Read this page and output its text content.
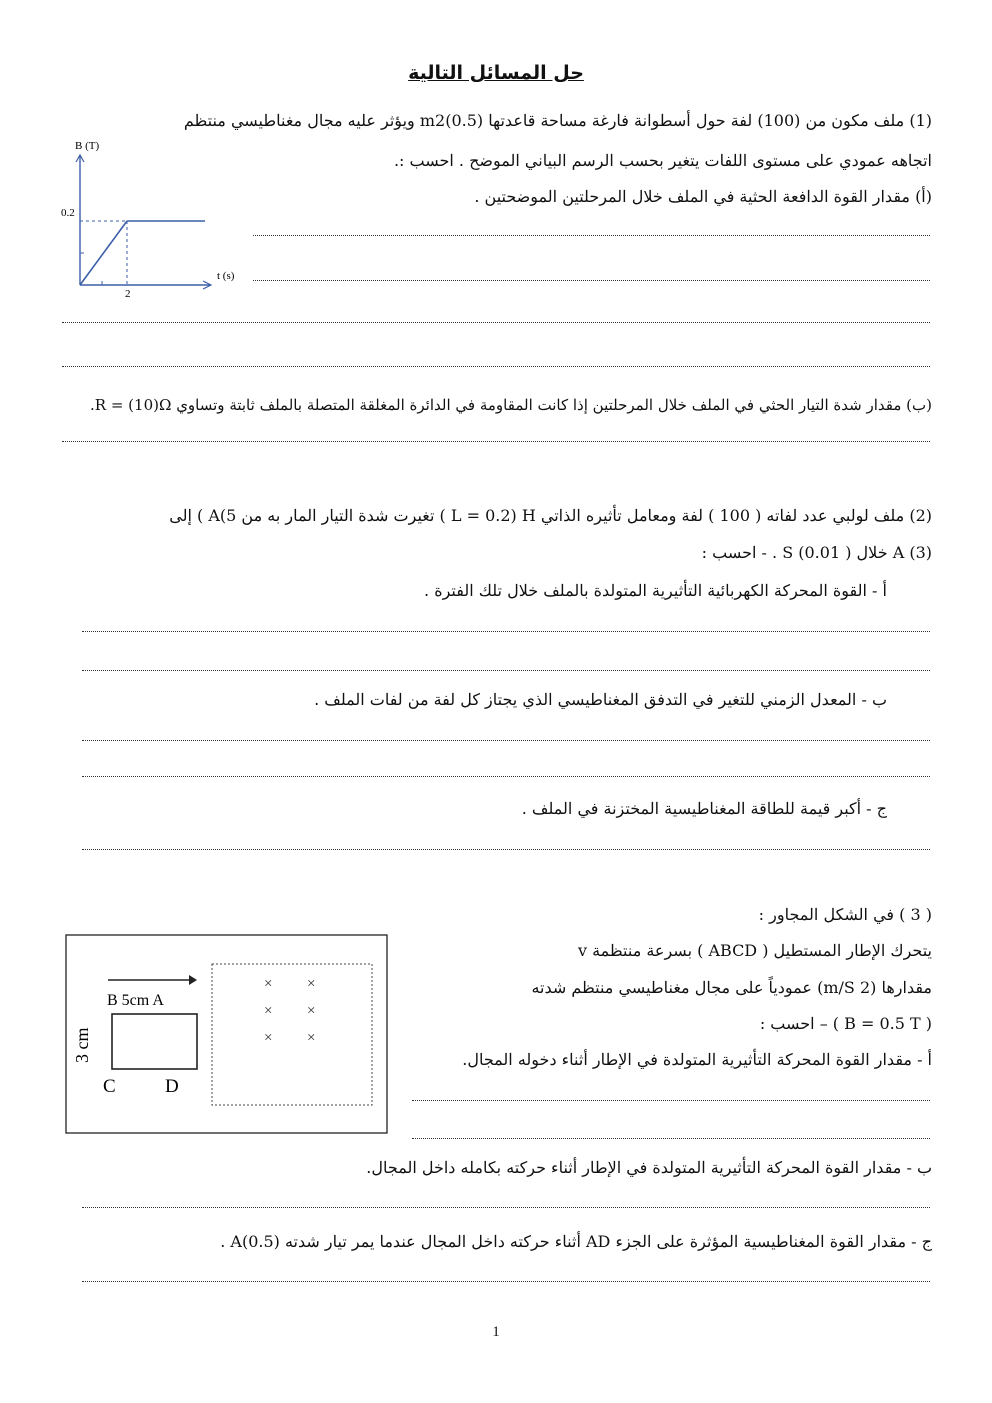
حل المسائل التالية
(1) ملف مكون من (100) لفة حول أسطوانة فارغة مساحة قاعدتها (0.5)m2 ويؤثر عليه مجال مغناطيسي منتظم
اتجاهه عمودي على مستوى اللفات يتغير بحسب الرسم البياني الموضح . احسب :.
(أ) مقدار القوة الدافعة الحثية في الملف خلال المرحلتين الموضحتين .
B (T)
t (s)
0.2
2
(ب) مقدار شدة التيار الحثي في الملف خلال المرحلتين إذا كانت المقاومة في الدائرة المغلقة المتصلة بالملف ثابتة وتساوي R = (10)Ω.
(2) ملف لولبي عدد لفاته ( 100 ) لفة ومعامل تأثيره الذاتي L = 0.2) H ) تغيرت شدة التيار المار به من 5)A ) إلى
A (3) خلال S (0.01 ) . - احسب :
أ - القوة المحركة الكهربائية التأثيرية المتولدة بالملف خلال تلك الفترة .
ب - المعدل الزمني للتغير في التدفق المغناطيسي الذي يجتاز كل لفة من لفات الملف .
ج - أكبر قيمة للطاقة المغناطيسية المختزنة في الملف .
( 3 ) في الشكل المجاور :
يتحرك الإطار المستطيل ( ABCD ) بسرعة منتظمة v
مقدارها (2 m/S) عمودياً على مجال مغناطيسي منتظم شدته
( B = 0.5 T ) – احسب :
أ - مقدار القوة المحركة التأثيرية المتولدة في الإطار أثناء دخوله المجال.
× ×
× ×
× ×
B 5cm A
3 cm
C	D
ب - مقدار القوة المحركة التأثيرية المتولدة في الإطار أثناء حركته بكامله داخل المجال.
ج - مقدار القوة المغناطيسية المؤثرة على الجزء AD أثناء حركته داخل المجال عندما يمر تيار شدته (0.5)A .
1
